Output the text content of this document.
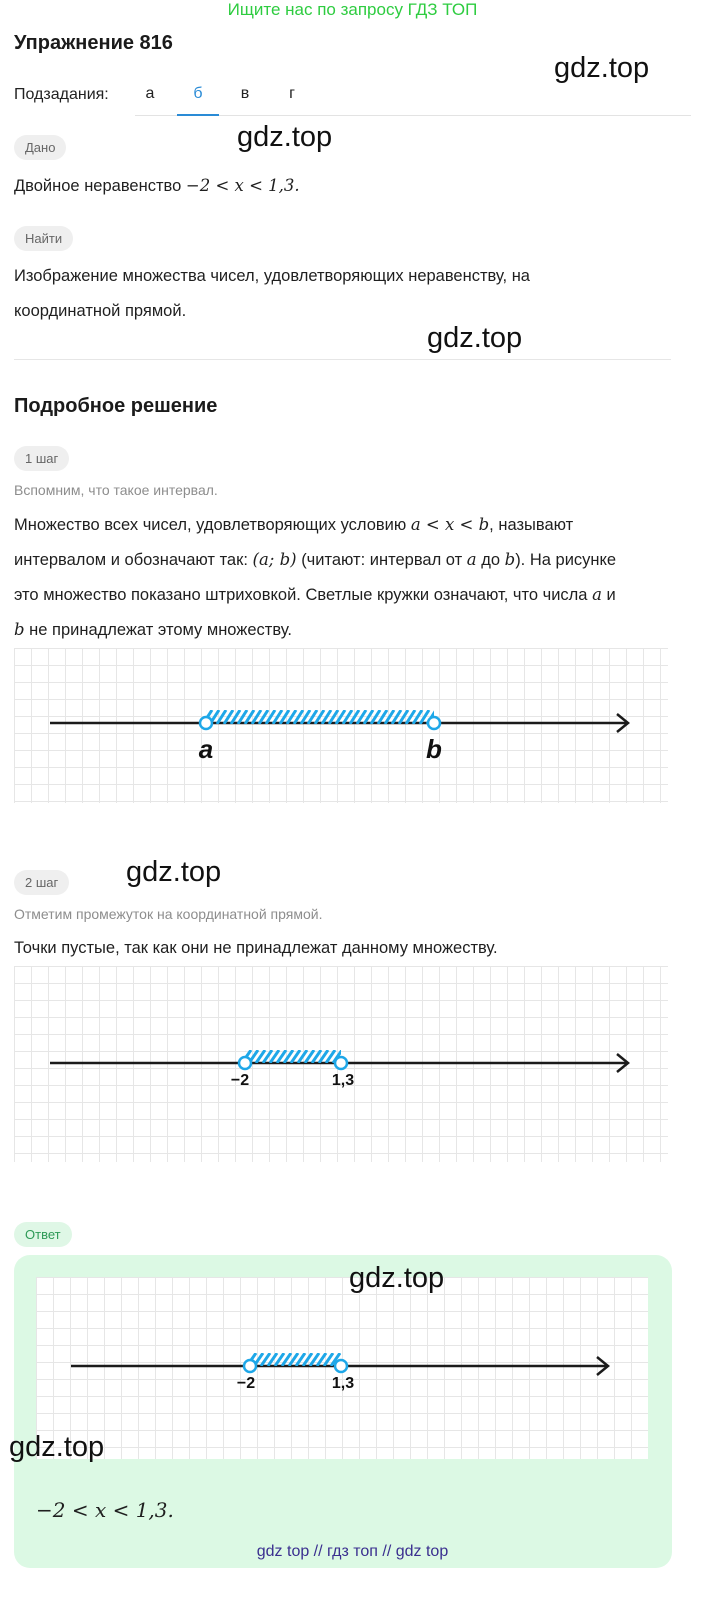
Ищите нас по запросу ГДЗ ТОП
Упражнение 816
gdz.top
gdz.top
gdz.top
gdz.top
gdz.top
gdz.top
Подзадания:	а	б	в	г
Дано
Двойное неравенство −2 < x < 1,3.
Найти
Изображение множества чисел, удовлетворяющих неравенству, на
координатной прямой.
Подробное решение
1 шаг
Вспомним, что такое интервал.
Множество всех чисел, удовлетворяющих условию a < x < b, называют
интервалом и обозначают так: (a; b) (читают: интервал от a до b). На рисунке
это множество показано штриховкой. Светлые кружки означают, что числа a и
b не принадлежат этому множеству.
a	b
2 шаг
Отметим промежуток на координатной прямой.
Точки пустые, так как они не принадлежат данному множеству.
−2	1,3
Ответ
−2	1,3
−2 < x < 1,3.
gdz top // гдз топ // gdz top
